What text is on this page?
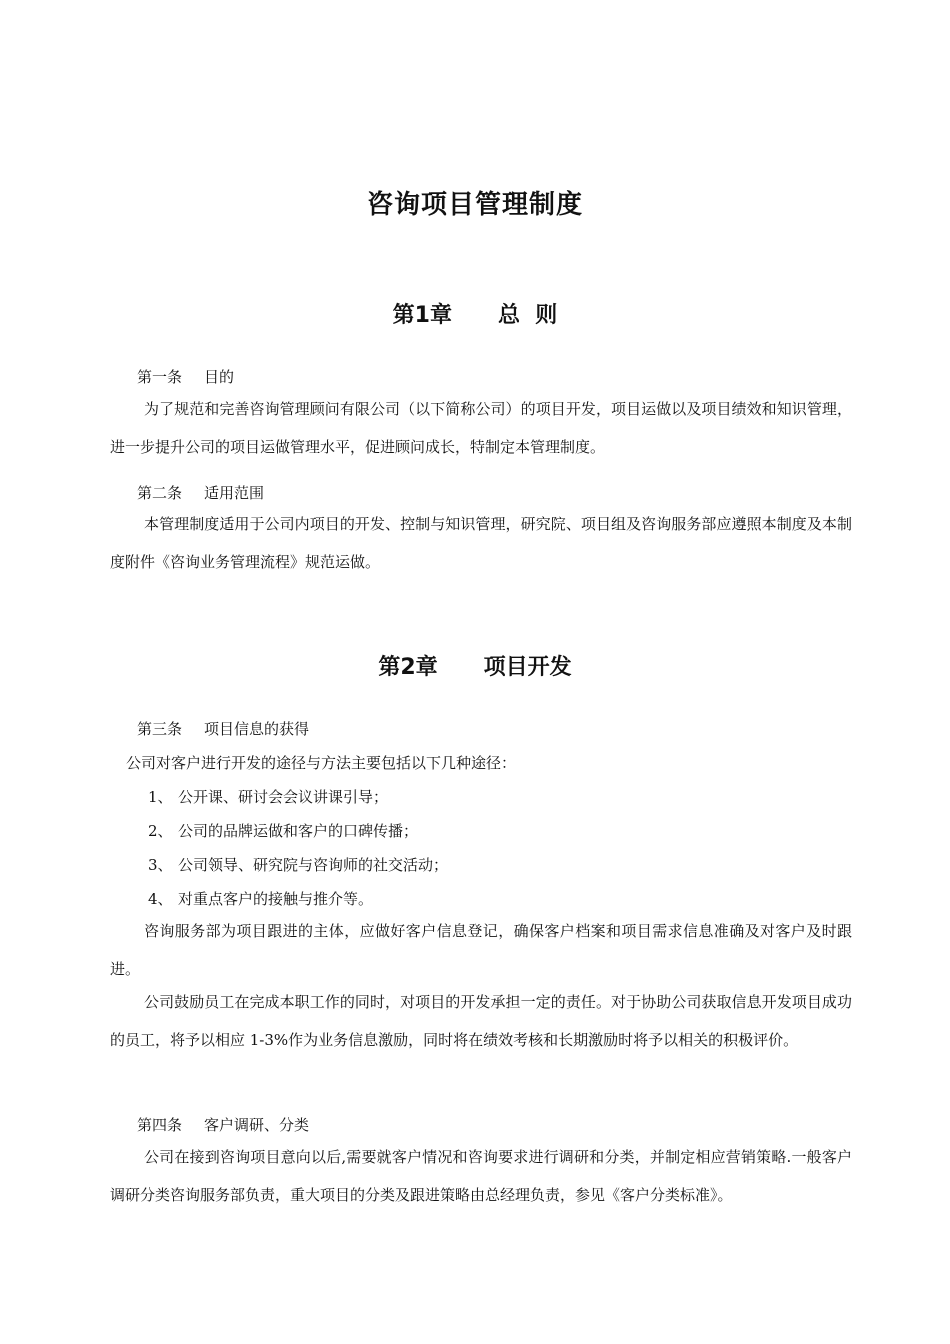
咨询项目管理制度
第1章 总  则
第一条 目的
为了规范和完善咨询管理顾问有限公司（以下简称公司）的项目开发，项目运做以及项目绩效和知识管理，进一步提升公司的项目运做管理水平，促进顾问成长，特制定本管理制度。
第二条 适用范围
本管理制度适用于公司内项目的开发、控制与知识管理，研究院、项目组及咨询服务部应遵照本制度及本制度附件《咨询业务管理流程》规范运做。
第2章 项目开发
第三条 项目信息的获得
公司对客户进行开发的途径与方法主要包括以下几种途径：
1、 公开课、研讨会会议讲课引导；
2、 公司的品牌运做和客户的口碑传播；
3、 公司领导、研究院与咨询师的社交活动；
4、 对重点客户的接触与推介等。
咨询服务部为项目跟进的主体，应做好客户信息登记，确保客户档案和项目需求信息准确及对客户及时跟进。
公司鼓励员工在完成本职工作的同时，对项目的开发承担一定的责任。对于协助公司获取信息开发项目成功的员工，将予以相应 1-3%作为业务信息激励，同时将在绩效考核和长期激励时将予以相关的积极评价。
第四条 客户调研、分类
公司在接到咨询项目意向以后,需要就客户情况和咨询要求进行调研和分类，并制定相应营销策略.一般客户调研分类咨询服务部负责，重大项目的分类及跟进策略由总经理负责，参见《客户分类标准》。
